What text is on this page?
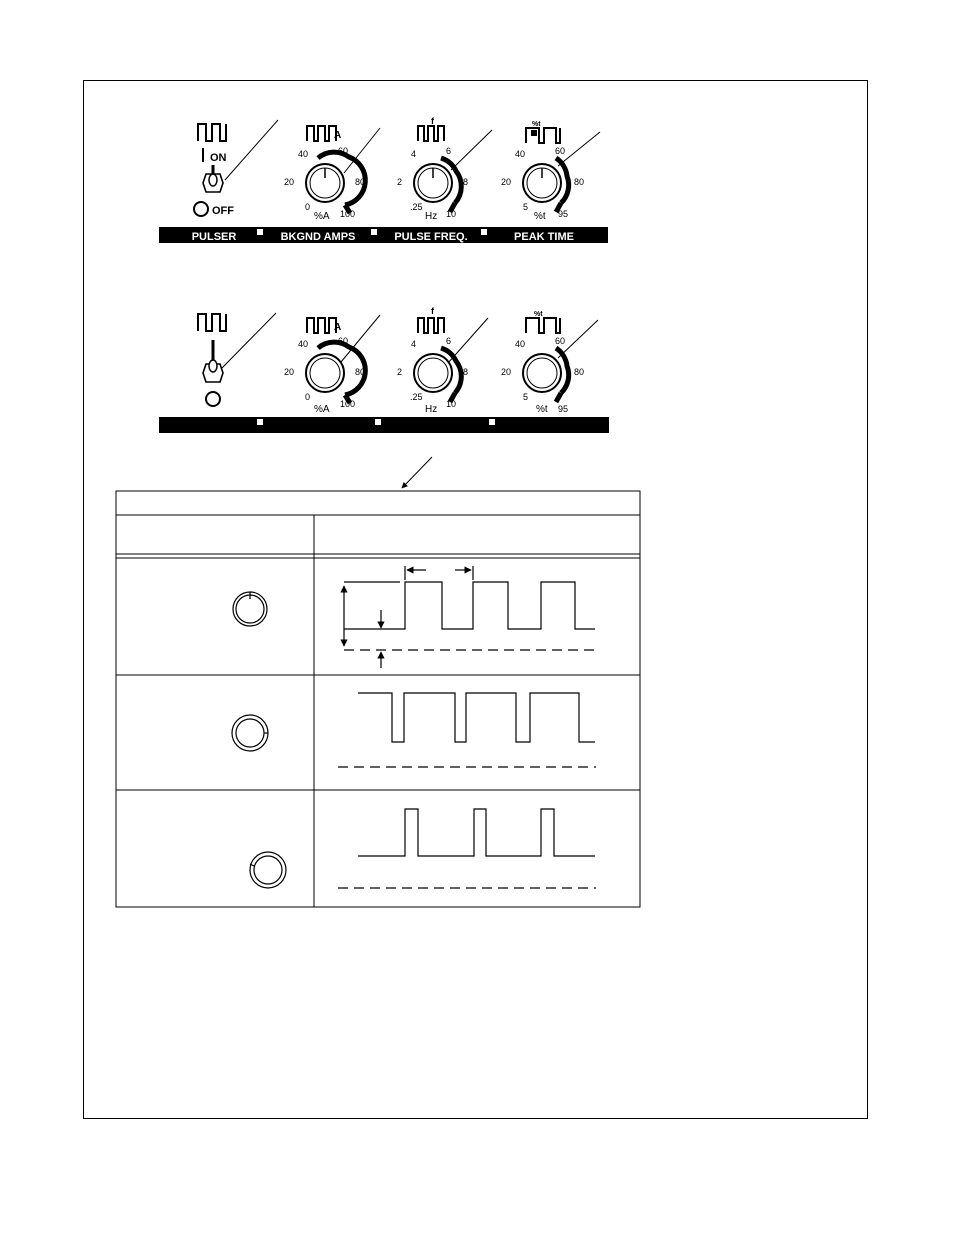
ON
OFF
A
40	60
20	80
0
100
%A
f
4	6
2	8
.25
10
Hz
%t
40	60
20	80
5
95
%t
PULSER	BKGND AMPS	PULSE FREQ.	PEAK TIME
A
40	60
20	80
0
100
%A
f
4	6
2	8
.25
10
Hz
%t
40	60
20	80
5
95
%t
